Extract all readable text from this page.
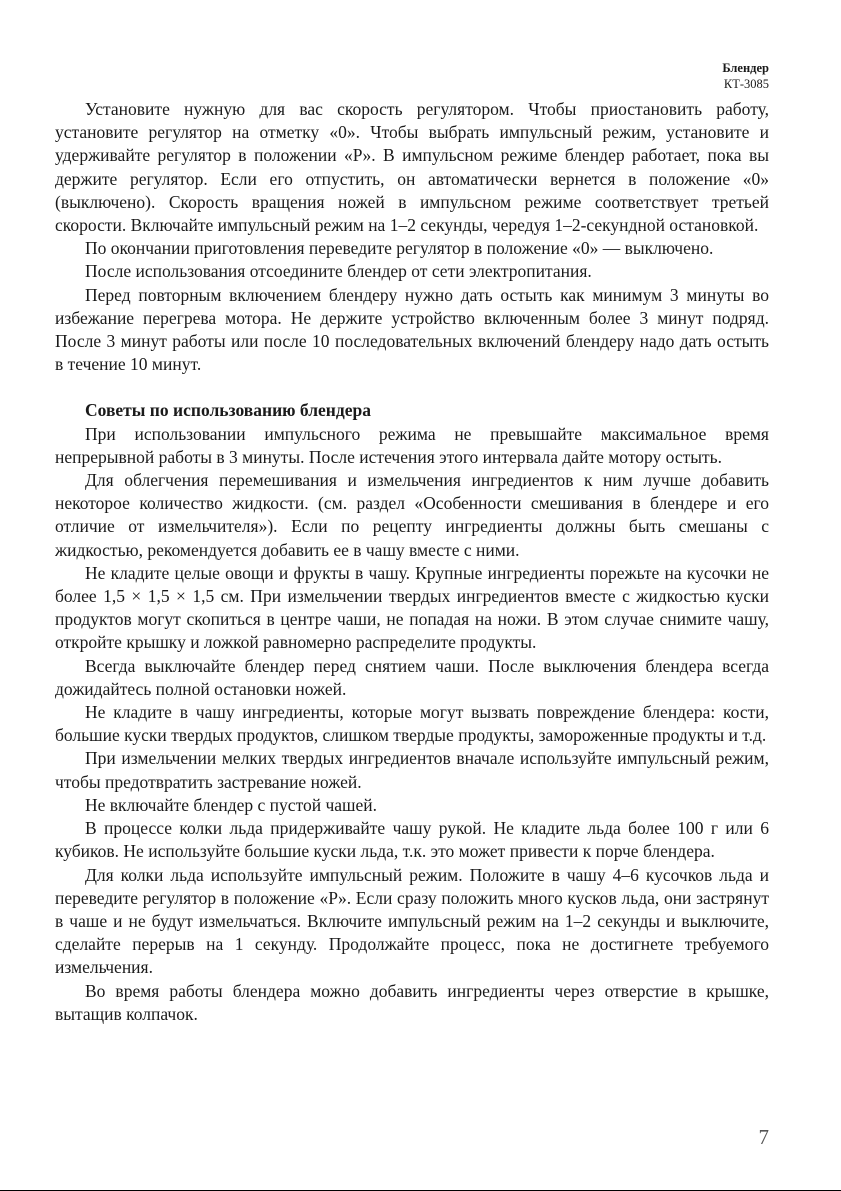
Блендер
КТ-3085

Установите нужную для вас скорость регулятором. Чтобы приостановить работу, установите регулятор на отметку «0». Чтобы выбрать импульсный режим, установите и удерживайте регулятор в положении «P». В импульсном режиме блендер работает, пока вы держите регулятор. Если его отпустить, он автоматически вернется в положение «0» (выключено). Скорость вращения ножей в импульсном режиме соответствует третьей скорости. Включайте импульсный режим на 1–2 секунды, чередуя 1–2-секундной остановкой.

По окончании приготовления переведите регулятор в положение «0» — выключено.

После использования отсоедините блендер от сети электропитания.

Перед повторным включением блендеру нужно дать остыть как минимум 3 минуты во избежание перегрева мотора. Не держите устройство включенным более 3 минут подряд. После 3 минут работы или после 10 последовательных включений блендеру надо дать остыть в течение 10 минут.

Советы по использованию блендера

При использовании импульсного режима не превышайте максимальное время непрерывной работы в 3 минуты. После истечения этого интервала дайте мотору остыть.

Для облегчения перемешивания и измельчения ингредиентов к ним лучше добавить некоторое количество жидкости. (см. раздел «Особенности смешивания в блендере и его отличие от измельчителя»). Если по рецепту ингредиенты должны быть смешаны с жидкостью, рекомендуется добавить ее в чашу вместе с ними.

Не кладите целые овощи и фрукты в чашу. Крупные ингредиенты порежьте на кусочки не более 1,5 × 1,5 × 1,5 см. При измельчении твердых ингредиентов вместе с жидкостью куски продуктов могут скопиться в центре чаши, не попадая на ножи. В этом случае снимите чашу, откройте крышку и ложкой равномерно распределите продукты.

Всегда выключайте блендер перед снятием чаши. После выключения блендера всегда дожидайтесь полной остановки ножей.

Не кладите в чашу ингредиенты, которые могут вызвать повреждение блендера: кости, большие куски твердых продуктов, слишком твердые продукты, замороженные продукты и т.д.

При измельчении мелких твердых ингредиентов вначале используйте импульсный режим, чтобы предотвратить застревание ножей.

Не включайте блендер с пустой чашей.

В процессе колки льда придерживайте чашу рукой. Не кладите льда более 100 г или 6 кубиков. Не используйте большие куски льда, т.к. это может привести к порче блендера.

Для колки льда используйте импульсный режим. Положите в чашу 4–6 кусочков льда и переведите регулятор в положение «P». Если сразу положить много кусков льда, они застрянут в чаше и не будут измельчаться. Включите импульсный режим на 1–2 секунды и выключите, сделайте перерыв на 1 секунду. Продолжайте процесс, пока не достигнете требуемого измельчения.

Во время работы блендера можно добавить ингредиенты через отверстие в крышке, вытащив колпачок.

7
